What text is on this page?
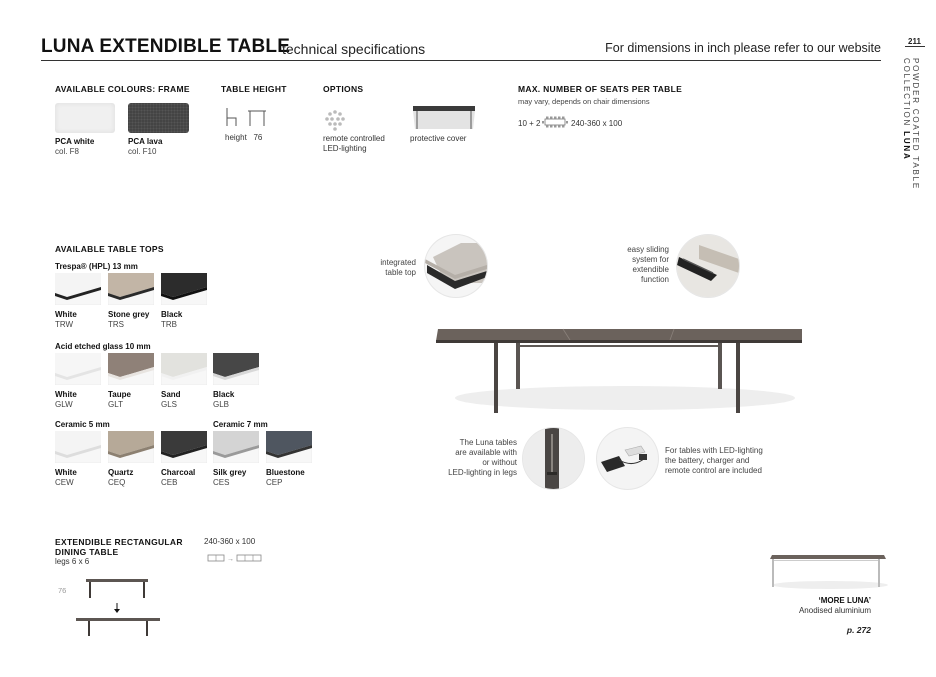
LUNA EXTENDIBLE TABLE
technical specifications	For dimensions in inch please refer to our website	211
POWDER COATED TABLE COLLECTION LUNA
AVAILABLE COLOURS: FRAME
PCA white
col. F8
PCA lava
col. F10
TABLE HEIGHT
height 76
OPTIONS
remote controlled
LED-lighting
protective cover
MAX. NUMBER OF SEATS PER TABLE
may vary, depends on chair dimensions
10 + 2	240-360 x 100
AVAILABLE TABLE TOPS
Trespa® (HPL) 13 mm
Acid etched glass 10 mm
Ceramic 5 mm	Ceramic 7 mm
White
TRW
Stone grey
TRS
Black
TRB
White
GLW
Taupe
GLT
Sand
GLS
Black
GLB
White
CEW
Quartz
CEQ
Charcoal
CEB
Silk grey
CES
Bluestone
CEP
integrated
table top
easy sliding
system for
extendible
function
The Luna tables
are available with
or without
LED-lighting in legs
For tables with LED-lighting
the battery, charger and
remote control are included
EXTENDIBLE RECTANGULAR
DINING TABLE
legs 6 x 6
240-360 x 100
→
76
‘MORE LUNA’
Anodised aluminium
p. 272
